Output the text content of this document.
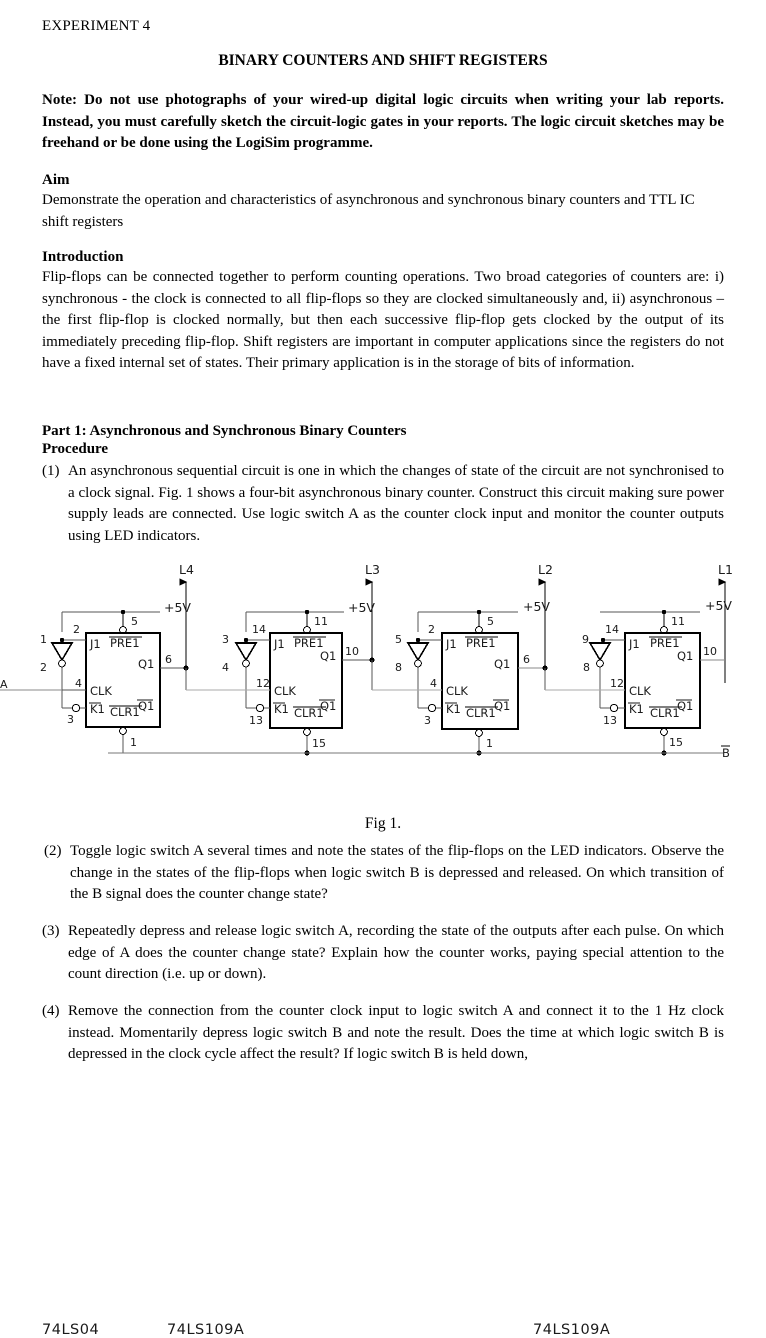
EXPERIMENT 4
BINARY COUNTERS AND SHIFT REGISTERS
Note: Do not use photographs of your wired-up digital logic circuits when writing your lab reports. Instead, you must carefully sketch the circuit-logic gates in your reports. The logic circuit sketches may be freehand or be done using the LogiSim programme.
Aim
Demonstrate the operation and characteristics of asynchronous and synchronous binary counters and TTL IC shift registers
Introduction
Flip-flops can be connected together to perform counting operations. Two broad categories of counters are: i) synchronous - the clock is connected to all flip-flops so they are clocked simultaneously and, ii) asynchronous – the first flip-flop is clocked normally, but then each successive flip-flop gets clocked by the output of its immediately preceding flip-flop. Shift registers are important in computer applications since the registers do not have a fixed internal set of states. Their primary application is in the storage of bits of information.
Part 1: Asynchronous and Synchronous Binary Counters
Procedure
(1) An asynchronous sequential circuit is one in which the changes of state of the circuit are not synchronised to a clock signal. Fig. 1 shows a four-bit asynchronous binary counter. Construct this circuit making sure power supply leads are connected. Use logic switch A as the counter clock input and monitor the counter outputs using LED indicators.
L4	L3	L2	L1
+5V	+5V	+5V	+5V
A
B
1
2
2
4
3
5
1
6
J1
CLK
K1
PRE1
CLR1
Q1
Q1
3
4
14
12
13
11
15
10
J1
CLK
K1
PRE1
CLR1
Q1
Q1
5
8
2
4
3
5
1
6
J1
CLK
K1
PRE1
CLR1
Q1
Q1
9
8
14
12
13
11
15
10
J1
CLK
K1
PRE1
CLR1
Q1
Q1
74LS04	74LS109A	74LS109A
Fig 1.
(2) Toggle logic switch A several times and note the states of the flip-flops on the LED indicators. Observe the change in the states of the flip-flops when logic switch B is depressed and released. On which transition of the B signal does the counter change state?
(3) Repeatedly depress and release logic switch A, recording the state of the outputs after each pulse. On which edge of A does the counter change state? Explain how the counter works, paying special attention to the count direction (i.e. up or down).
(4) Remove the connection from the counter clock input to logic switch A and connect it to the 1 Hz clock instead. Momentarily depress logic switch B and note the result. Does the time at which logic switch B is depressed in the clock cycle affect the result? If logic switch B is held down,
